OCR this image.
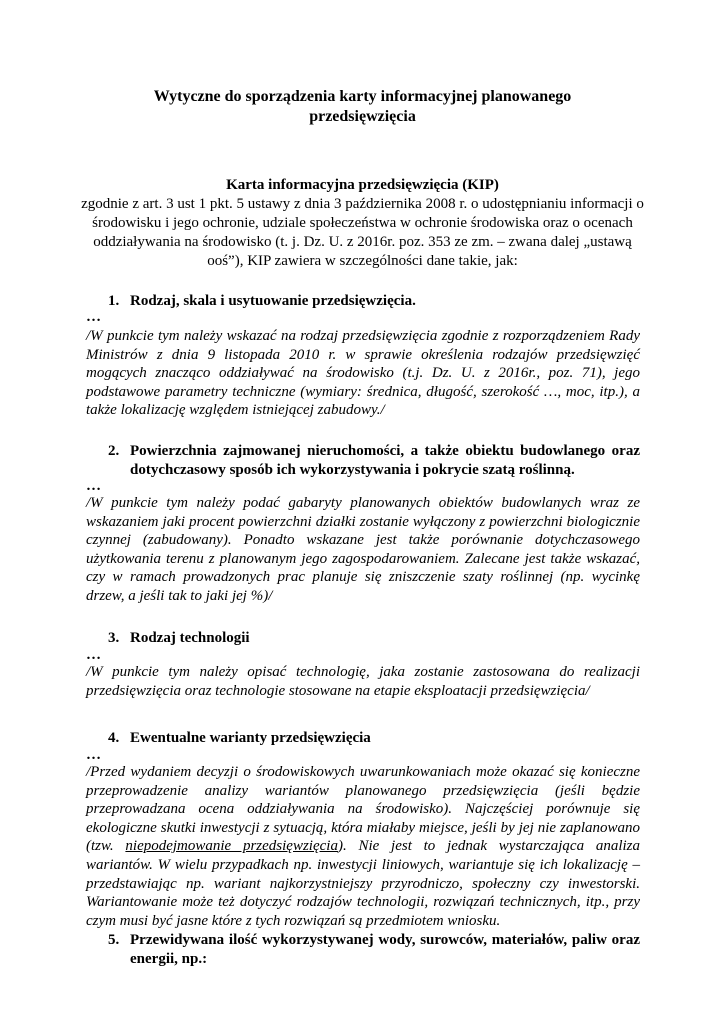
Wytyczne do sporządzenia karty informacyjnej planowanego
przedsięwzięcia
Karta informacyjna przedsięwzięcia (KIP)
zgodnie z art. 3 ust 1 pkt. 5 ustawy z dnia 3 października 2008 r. o udostępnianiu informacji o środowisku i jego ochronie, udziale społeczeństwa w ochronie środowiska oraz o ocenach oddziaływania na środowisko (t. j. Dz. U. z 2016r. poz. 353 ze zm. – zwana dalej „ustawą ooś”), KIP zawiera w szczególności dane takie, jak:
1. Rodzaj, skala i usytuowanie przedsięwzięcia.
…
/W punkcie tym należy wskazać na rodzaj przedsięwzięcia zgodnie z rozporządzeniem Rady Ministrów z dnia 9 listopada 2010 r. w sprawie określenia rodzajów przedsięwzięć mogących znacząco oddziaływać na środowisko (t.j. Dz. U. z 2016r., poz. 71), jego podstawowe parametry techniczne (wymiary: średnica, długość, szerokość …, moc, itp.), a także lokalizację względem istniejącej zabudowy./
2. Powierzchnia zajmowanej nieruchomości, a także obiektu budowlanego oraz dotychczasowy sposób ich wykorzystywania i pokrycie szatą roślinną.
…
/W punkcie tym należy podać gabaryty planowanych obiektów budowlanych wraz ze wskazaniem jaki procent powierzchni działki zostanie wyłączony z powierzchni biologicznie czynnej (zabudowany). Ponadto wskazane jest także porównanie dotychczasowego użytkowania terenu z planowanym jego zagospodarowaniem. Zalecane jest także wskazać, czy w ramach prowadzonych prac planuje się zniszczenie szaty roślinnej (np. wycinkę drzew, a jeśli tak to jaki jej %)/
3. Rodzaj technologii
…
/W punkcie tym należy opisać technologię, jaka zostanie zastosowana do realizacji przedsięwzięcia oraz technologie stosowane na etapie eksploatacji przedsięwzięcia/
4. Ewentualne warianty przedsięwzięcia
…
/Przed wydaniem decyzji o środowiskowych uwarunkowaniach może okazać się konieczne przeprowadzenie analizy wariantów planowanego przedsięwzięcia (jeśli będzie przeprowadzana ocena oddziaływania na środowisko). Najczęściej porównuje się ekologiczne skutki inwestycji z sytuacją, która miałaby miejsce, jeśli by jej nie zaplanowano (tzw. niepodejmowanie przedsięwzięcia). Nie jest to jednak wystarczająca analiza wariantów. W wielu przypadkach np. inwestycji liniowych, wariantuje się ich lokalizację – przedstawiając np. wariant najkorzystniejszy przyrodniczo, społeczny czy inwestorski. Wariantowanie może też dotyczyć rodzajów technologii, rozwiązań technicznych, itp., przy czym musi być jasne które z tych rozwiązań są przedmiotem wniosku.
5. Przewidywana ilość wykorzystywanej wody, surowców, materiałów, paliw oraz energii, np.:
